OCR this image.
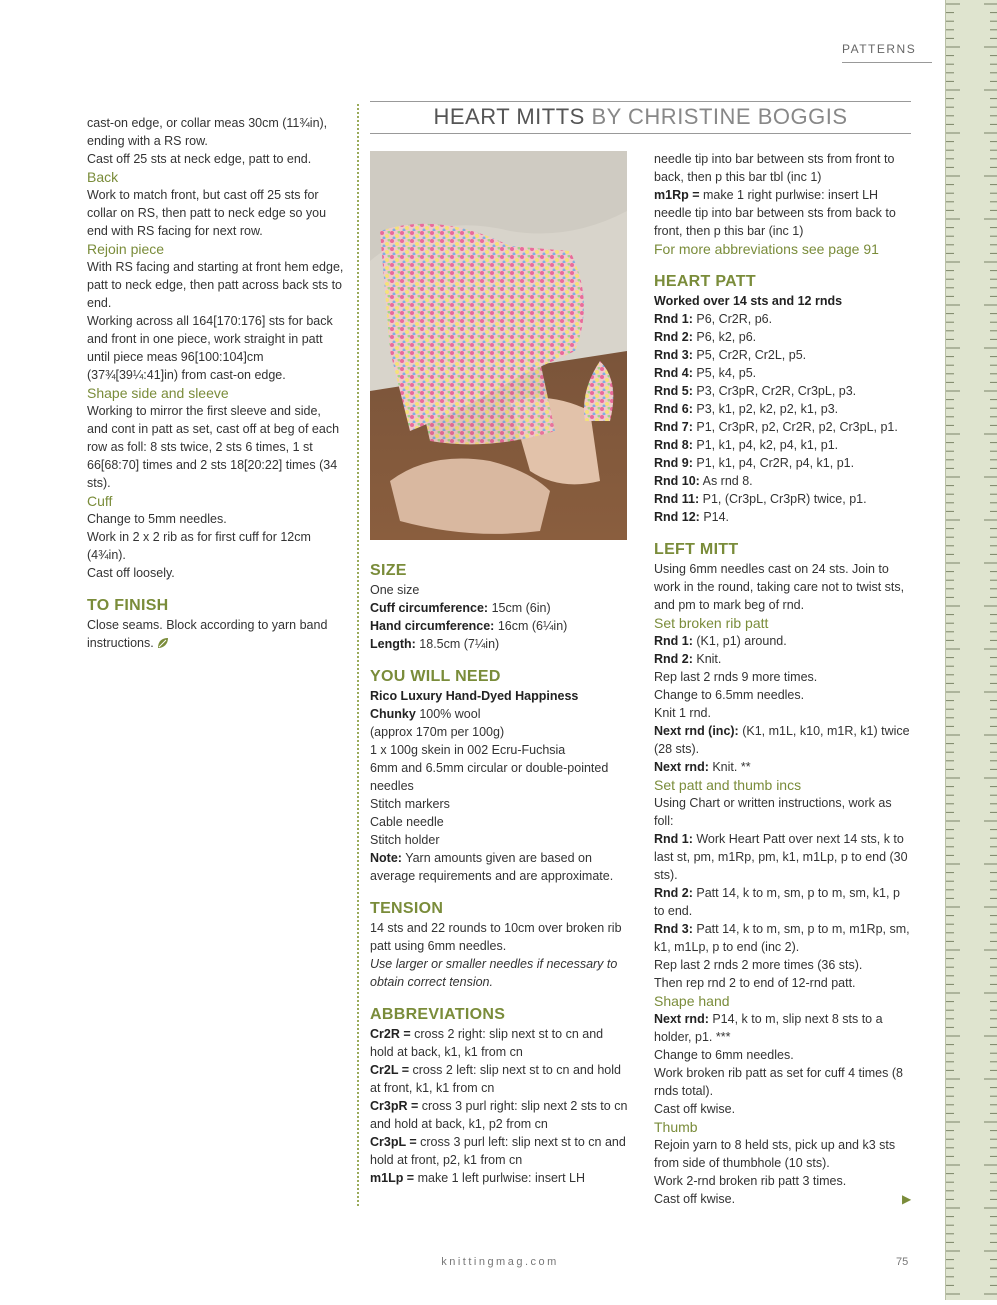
PATTERNS
HEART MITTS BY CHRISTINE BOGGIS

cast-on edge, or collar meas 30cm (11¾in), ending with a RS row.

Cast off 25 sts at neck edge, patt to end.

Back

Work to match front, but cast off 25 sts for collar on RS, then patt to neck edge so you end with RS facing for next row.

Rejoin piece

With RS facing and starting at front hem edge, patt to neck edge, then patt across back sts to end.

Working across all 164[170:176] sts for back and front in one piece, work straight in patt until piece meas 96[100:104]cm (37¾[39¼:41]in) from cast-on edge.

Shape side and sleeve

Working to mirror the first sleeve and side, and cont in patt as set, cast off at beg of each row as foll: 8 sts twice, 2 sts 6 times, 1 st 66[68:70] times and 2 sts 18[20:22] times (34 sts).

Cuff

Change to 5mm needles.

Work in 2 x 2 rib as for first cuff for 12cm (4¾in).

Cast off loosely.

TO FINISH

Close seams. Block according to yarn band instructions.

SIZE

One size

Cuff circumference: 15cm (6in)

Hand circumference: 16cm (6¼in)

Length: 18.5cm (7¼in)

YOU WILL NEED

Rico Luxury Hand-Dyed Happiness

Chunky 100% wool

(approx 170m per 100g)

1 x 100g skein in 002 Ecru-Fuchsia

6mm and 6.5mm circular or double-pointed needles

Stitch markers

Cable needle

Stitch holder

Note: Yarn amounts given are based on average requirements and are approximate.

TENSION

14 sts and 22 rounds to 10cm over broken rib patt using 6mm needles.

Use larger or smaller needles if necessary to obtain correct tension.

ABBREVIATIONS

Cr2R = cross 2 right: slip next st to cn and hold at back, k1, k1 from cn

Cr2L = cross 2 left: slip next st to cn and hold at front, k1, k1 from cn

Cr3pR = cross 3 purl right: slip next 2 sts to cn and hold at back, k1, p2 from cn

Cr3pL = cross 3 purl left: slip next st to cn and hold at front, p2, k1 from cn

m1Lp = make 1 left purlwise: insert LH

needle tip into bar between sts from front to back, then p this bar tbl (inc 1)

m1Rp = make 1 right purlwise: insert LH needle tip into bar between sts from back to front, then p this bar (inc 1)

For more abbreviations see page 91
HEART PATT

Worked over 14 sts and 12 rnds

Rnd 1: P6, Cr2R, p6.

Rnd 2: P6, k2, p6.

Rnd 3: P5, Cr2R, Cr2L, p5.

Rnd 4: P5, k4, p5.

Rnd 5: P3, Cr3pR, Cr2R, Cr3pL, p3.

Rnd 6: P3, k1, p2, k2, p2, k1, p3.

Rnd 7: P1, Cr3pR, p2, Cr2R, p2, Cr3pL, p1.

Rnd 8: P1, k1, p4, k2, p4, k1, p1.

Rnd 9: P1, k1, p4, Cr2R, p4, k1, p1.

Rnd 10: As rnd 8.

Rnd 11: P1, (Cr3pL, Cr3pR) twice, p1.

Rnd 12: P14.

LEFT MITT

Using 6mm needles cast on 24 sts. Join to work in the round, taking care not to twist sts, and pm to mark beg of rnd.

Set broken rib patt

Rnd 1: (K1, p1) around.

Rnd 2: Knit.

Rep last 2 rnds 9 more times.

Change to 6.5mm needles.

Knit 1 rnd.

Next rnd (inc): (K1, m1L, k10, m1R, k1) twice (28 sts).

Next rnd: Knit. **

Set patt and thumb incs

Using Chart or written instructions, work as foll:

Rnd 1: Work Heart Patt over next 14 sts, k to last st, pm, m1Rp, pm, k1, m1Lp, p to end (30 sts).

Rnd 2: Patt 14, k to m, sm, p to m, sm, k1, p to end.

Rnd 3: Patt 14, k to m, sm, p to m, m1Rp, sm, k1, m1Lp, p to end (inc 2).

Rep last 2 rnds 2 more times (36 sts).

Then rep rnd 2 to end of 12-rnd patt.

Shape hand

Next rnd: P14, k to m, slip next 8 sts to a holder, p1. ***

Change to 6mm needles.

Work broken rib patt as set for cuff 4 times (8 rnds total).

Cast off kwise.

Thumb

Rejoin yarn to 8 held sts, pick up and k3 sts from side of thumbhole (10 sts).

Work 2-rnd broken rib patt 3 times.

Cast off kwise.	▶
knittingmag.com	75
